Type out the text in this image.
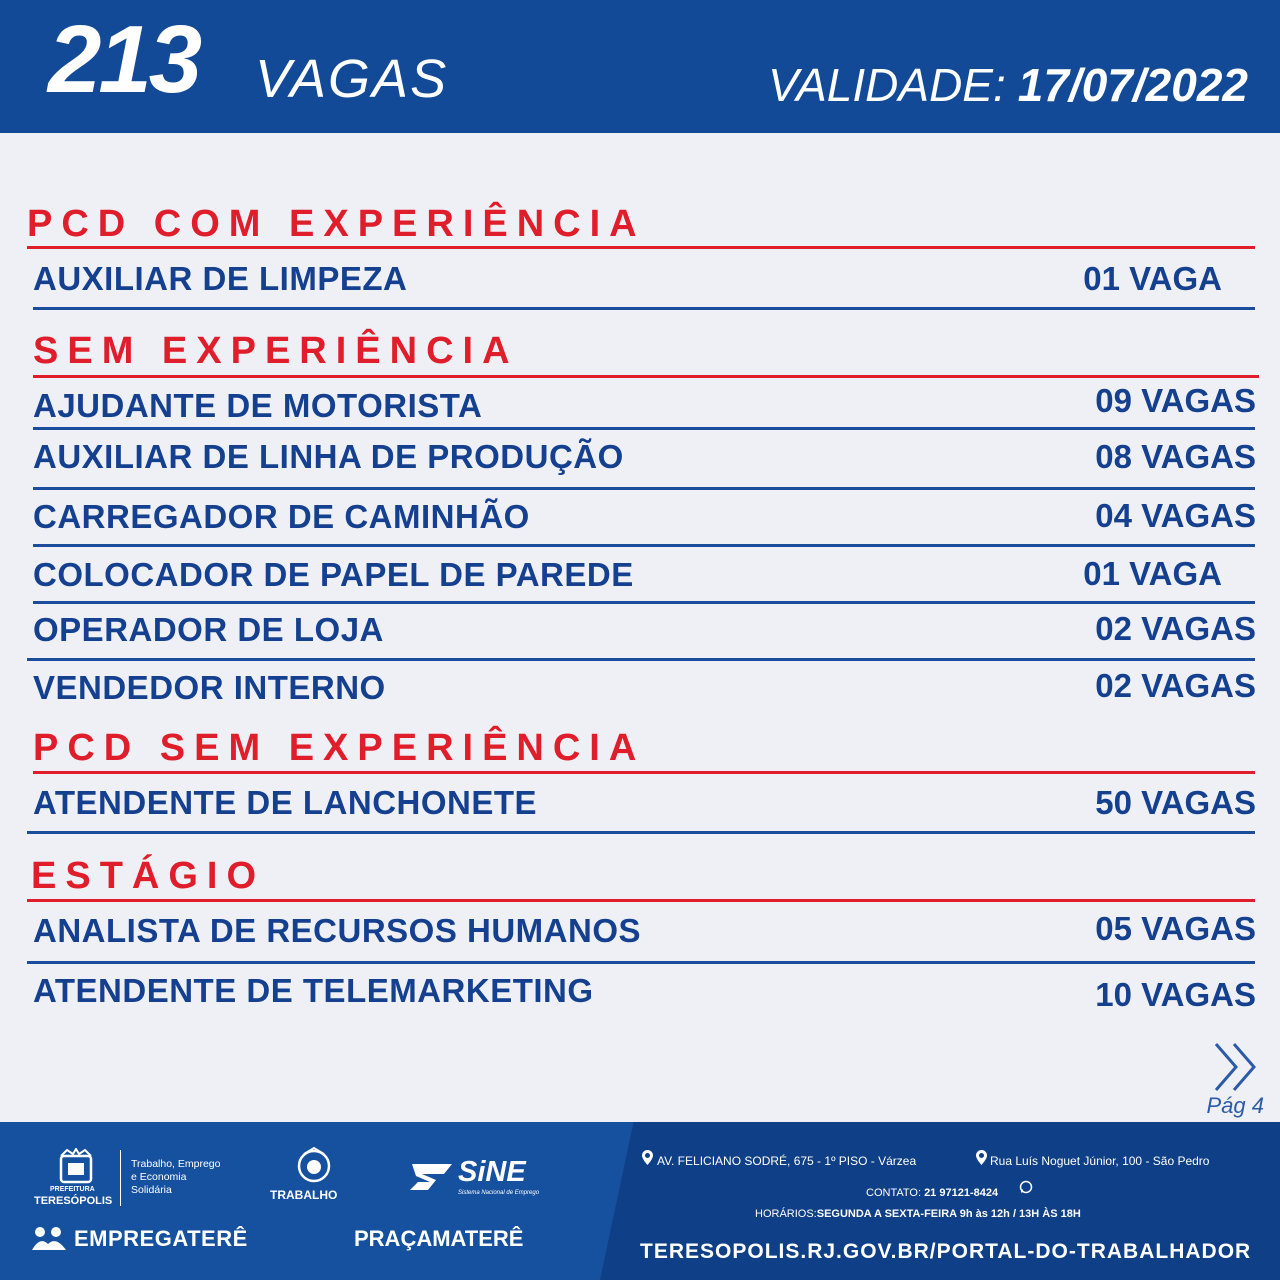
213 VAGAS	VALIDADE: 17/07/2022
PCD COM EXPERIÊNCIA
AUXILIAR DE LIMPEZA	01 VAGA
SEM EXPERIÊNCIA
AJUDANTE DE MOTORISTA	09 VAGAS
AUXILIAR DE LINHA DE PRODUÇÃO	08 VAGAS
CARREGADOR DE CAMINHÃO	04 VAGAS
COLOCADOR DE PAPEL DE PAREDE	01 VAGA
OPERADOR DE LOJA	02 VAGAS
VENDEDOR INTERNO	02 VAGAS
PCD SEM EXPERIÊNCIA
ATENDENTE DE LANCHONETE	50 VAGAS
ESTÁGIO
ANALISTA DE RECURSOS HUMANOS	05 VAGAS
ATENDENTE DE TELEMARKETING	10 VAGAS
Pág 4
PREFEITURA
TERESÓPOLIS
Trabalho, Emprego
e Economia
Solidária	TRABALHO
SiNE
Sistema Nacional de Emprego
EMPREGATERÊ	PRAÇAMATERÊ
AV. FELICIANO SODRÉ, 675 - 1º PISO - Várzea	Rua Luís Noguet Júnior, 100 - São Pedro
CONTATO: 21 97121-8424
HORÁRIOS:SEGUNDA A SEXTA-FEIRA 9h às 12h / 13H ÀS 18H
TERESOPOLIS.RJ.GOV.BR/PORTAL-DO-TRABALHADOR
